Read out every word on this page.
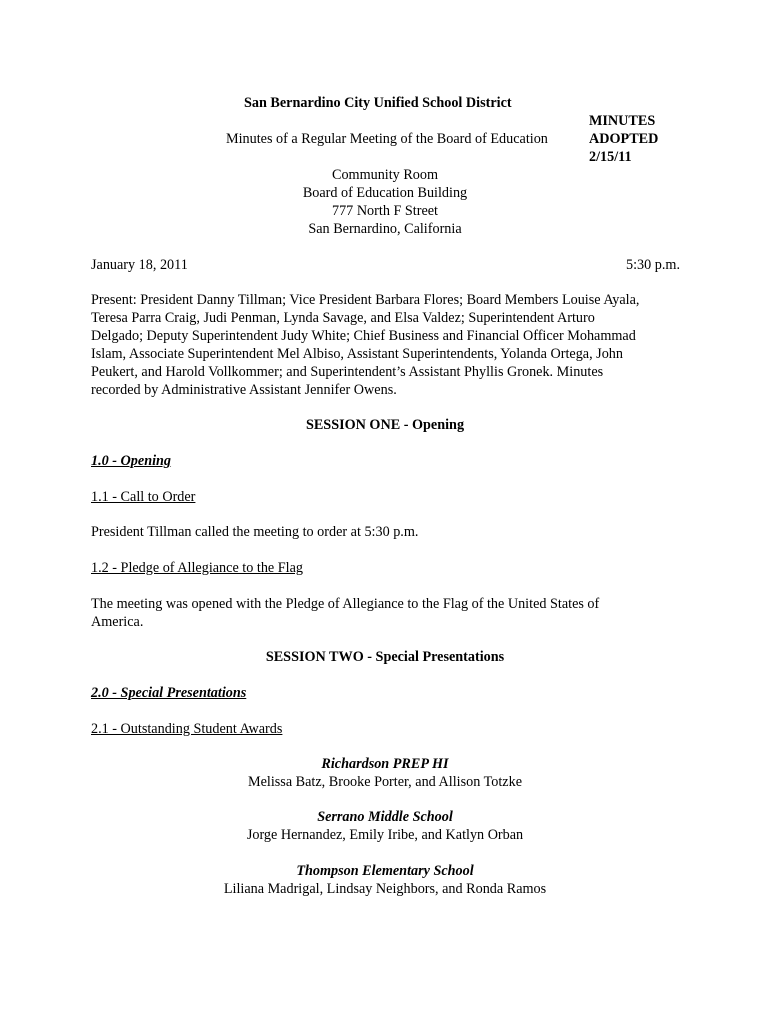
San Bernardino City Unified School District
Minutes of a Regular Meeting of the Board of Education
MINUTES
ADOPTED
2/15/11
Community Room
Board of Education Building
777 North F Street
San Bernardino, California
January 18, 2011	5:30 p.m.
Present: President Danny Tillman; Vice President Barbara Flores; Board Members Louise Ayala,
Teresa Parra Craig, Judi Penman, Lynda Savage, and Elsa Valdez; Superintendent Arturo
Delgado; Deputy Superintendent Judy White; Chief Business and Financial Officer Mohammad
Islam, Associate Superintendent Mel Albiso, Assistant Superintendents, Yolanda Ortega, John
Peukert, and Harold Vollkommer; and Superintendent’s Assistant Phyllis Gronek. Minutes
recorded by Administrative Assistant Jennifer Owens.
SESSION ONE - Opening
1.0 - Opening
1.1 - Call to Order
President Tillman called the meeting to order at 5:30 p.m.
1.2 - Pledge of Allegiance to the Flag
The meeting was opened with the Pledge of Allegiance to the Flag of the United States of
America.
SESSION TWO - Special Presentations
2.0 - Special Presentations
2.1 - Outstanding Student Awards
Richardson PREP HI
Melissa Batz, Brooke Porter, and Allison Totzke
Serrano Middle School
Jorge Hernandez, Emily Iribe, and Katlyn Orban
Thompson Elementary School
Liliana Madrigal, Lindsay Neighbors, and Ronda Ramos
